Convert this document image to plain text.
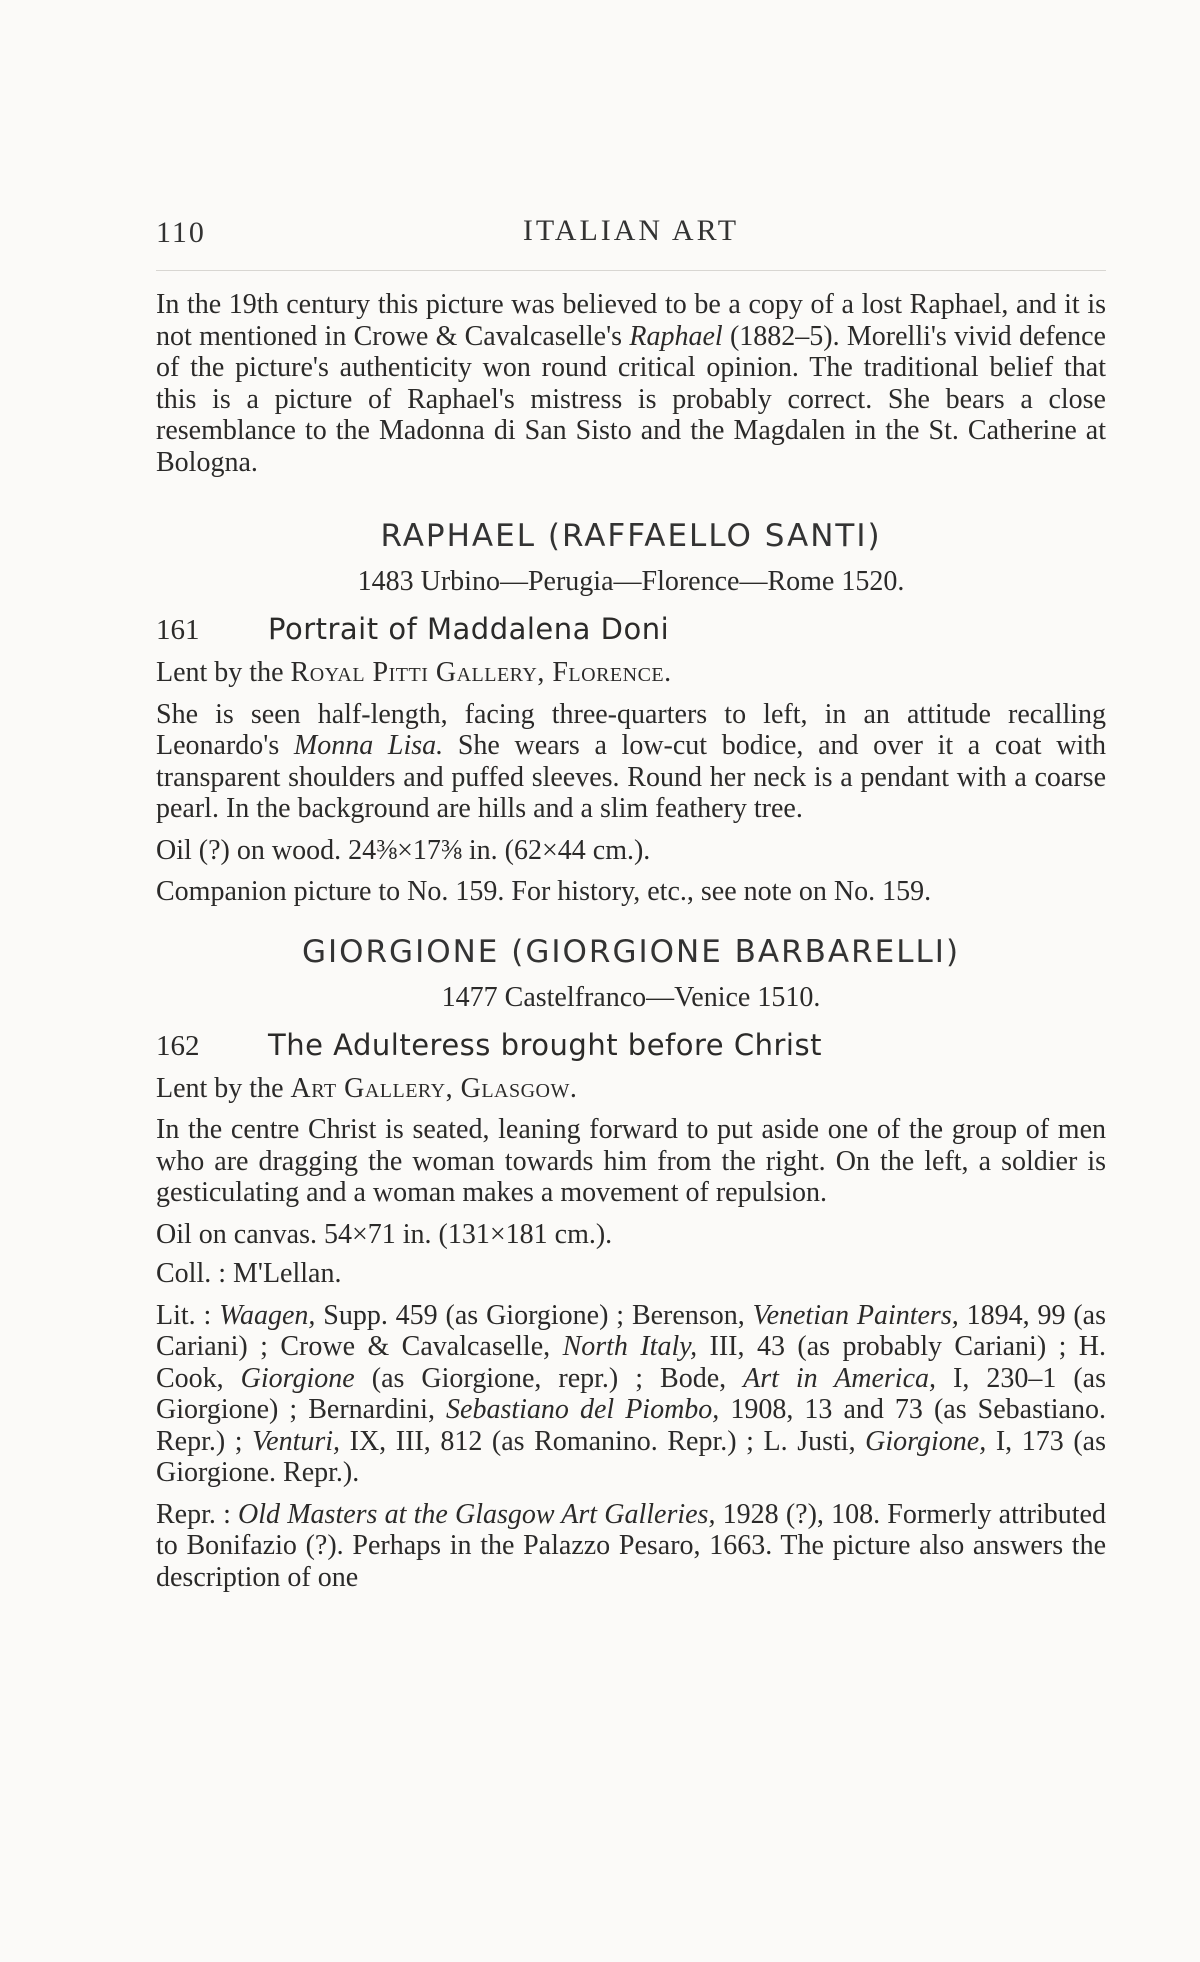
110	ITALIAN ART

In the 19th century this picture was believed to be a copy of a lost Raphael, and it is not mentioned in Crowe & Cavalcaselle's Raphael (1882–5). Morelli's vivid defence of the picture's authenticity won round critical opinion. The traditional belief that this is a picture of Raphael's mistress is probably correct. She bears a close resemblance to the Madonna di San Sisto and the Magdalen in the St. Catherine at Bologna.

RAPHAEL (RAFFAELLO SANTI)
1483 Urbino—Perugia—Florence—Rome 1520.
161	Portrait of Maddalena Doni

Lent by the Royal Pitti Gallery, Florence.

She is seen half-length, facing three-quarters to left, in an attitude recalling Leonardo's Monna Lisa. She wears a low-cut bodice, and over it a coat with transparent shoulders and puffed sleeves. Round her neck is a pendant with a coarse pearl. In the background are hills and a slim feathery tree.

Oil (?) on wood. 24⅜×17⅜ in. (62×44 cm.).

Companion picture to No. 159. For history, etc., see note on No. 159.

GIORGIONE (GIORGIONE BARBARELLI)
1477 Castelfranco—Venice 1510.
162	The Adulteress brought before Christ

Lent by the Art Gallery, Glasgow.

In the centre Christ is seated, leaning forward to put aside one of the group of men who are dragging the woman towards him from the right. On the left, a soldier is gesticulating and a woman makes a movement of repulsion.

Oil on canvas. 54×71 in. (131×181 cm.).

Coll. : M'Lellan.

Lit. : Waagen, Supp. 459 (as Giorgione) ; Berenson, Venetian Painters, 1894, 99 (as Cariani) ; Crowe & Cavalcaselle, North Italy, III, 43 (as probably Cariani) ; H. Cook, Giorgione (as Giorgione, repr.) ; Bode, Art in America, I, 230–1 (as Giorgione) ; Bernardini, Sebastiano del Piombo, 1908, 13 and 73 (as Sebastiano. Repr.) ; Venturi, IX, III, 812 (as Romanino. Repr.) ; L. Justi, Giorgione, I, 173 (as Giorgione. Repr.).

Repr. : Old Masters at the Glasgow Art Galleries, 1928 (?), 108. Formerly attributed to Bonifazio (?). Perhaps in the Palazzo Pesaro, 1663. The picture also answers the description of one
